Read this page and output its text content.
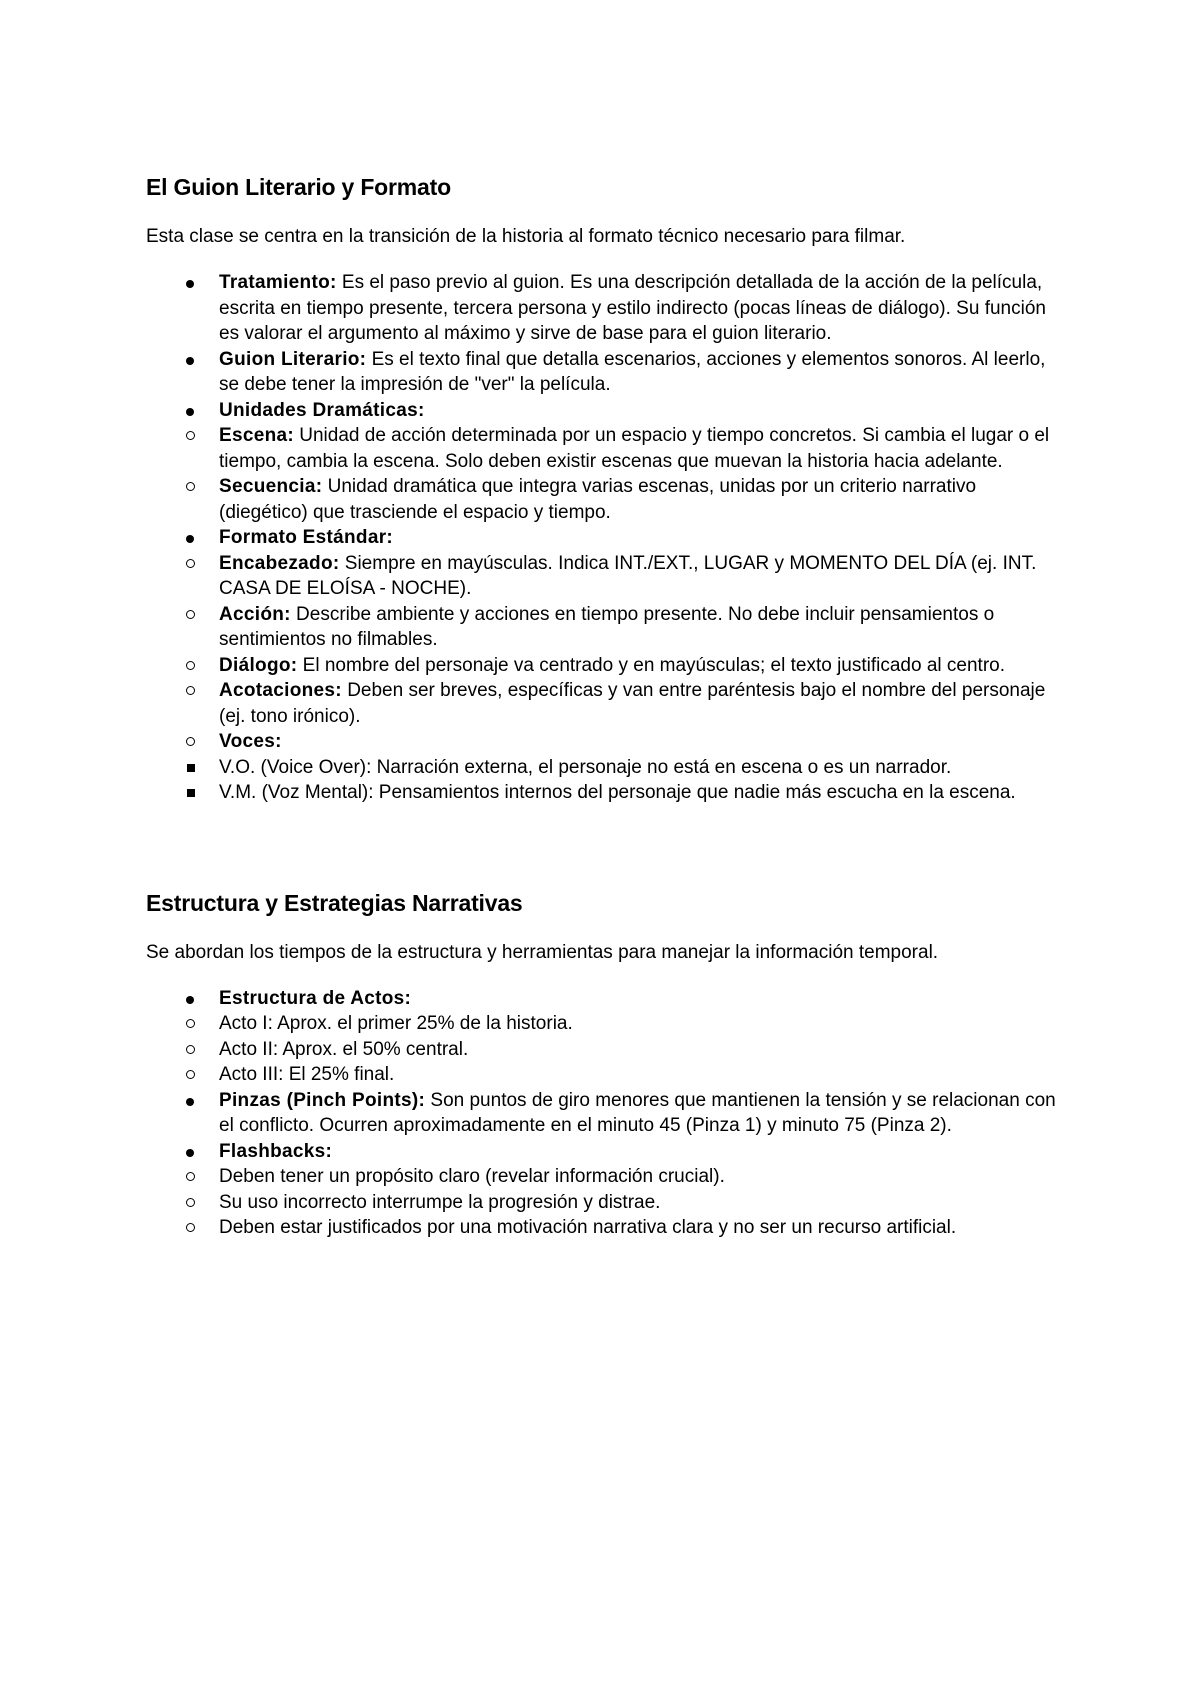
El Guion Literario y Formato

Esta clase se centra en la transición de la historia al formato técnico necesario para filmar.

Tratamiento: Es el paso previo al guion. Es una descripción detallada de la acción de la película, escrita en tiempo presente, tercera persona y estilo indirecto (pocas líneas de diálogo). Su función es valorar el argumento al máximo y sirve de base para el guion literario.
Guion Literario: Es el texto final que detalla escenarios, acciones y elementos sonoros. Al leerlo, se debe tener la impresión de "ver" la película.
Unidades Dramáticas:
Escena: Unidad de acción determinada por un espacio y tiempo concretos. Si cambia el lugar o el tiempo, cambia la escena. Solo deben existir escenas que muevan la historia hacia adelante.
Secuencia: Unidad dramática que integra varias escenas, unidas por un criterio narrativo (diegético) que trasciende el espacio y tiempo.
Formato Estándar:
Encabezado: Siempre en mayúsculas. Indica INT./EXT., LUGAR y MOMENTO DEL DÍA (ej. INT. CASA DE ELOÍSA - NOCHE).
Acción: Describe ambiente y acciones en tiempo presente. No debe incluir pensamientos o sentimientos no filmables.
Diálogo: El nombre del personaje va centrado y en mayúsculas; el texto justificado al centro.
Acotaciones: Deben ser breves, específicas y van entre paréntesis bajo el nombre del personaje (ej. tono irónico).
Voces:
V.O. (Voice Over): Narración externa, el personaje no está en escena o es un narrador.
V.M. (Voz Mental): Pensamientos internos del personaje que nadie más escucha en la escena.
Estructura y Estrategias Narrativas

Se abordan los tiempos de la estructura y herramientas para manejar la información temporal.

Estructura de Actos:
Acto I: Aprox. el primer 25% de la historia.
Acto II: Aprox. el 50% central.
Acto III: El 25% final.
Pinzas (Pinch Points): Son puntos de giro menores que mantienen la tensión y se relacionan con el conflicto. Ocurren aproximadamente en el minuto 45 (Pinza 1) y minuto 75 (Pinza 2).
Flashbacks:
Deben tener un propósito claro (revelar información crucial).
Su uso incorrecto interrumpe la progresión y distrae.
Deben estar justificados por una motivación narrativa clara y no ser un recurso artificial.
